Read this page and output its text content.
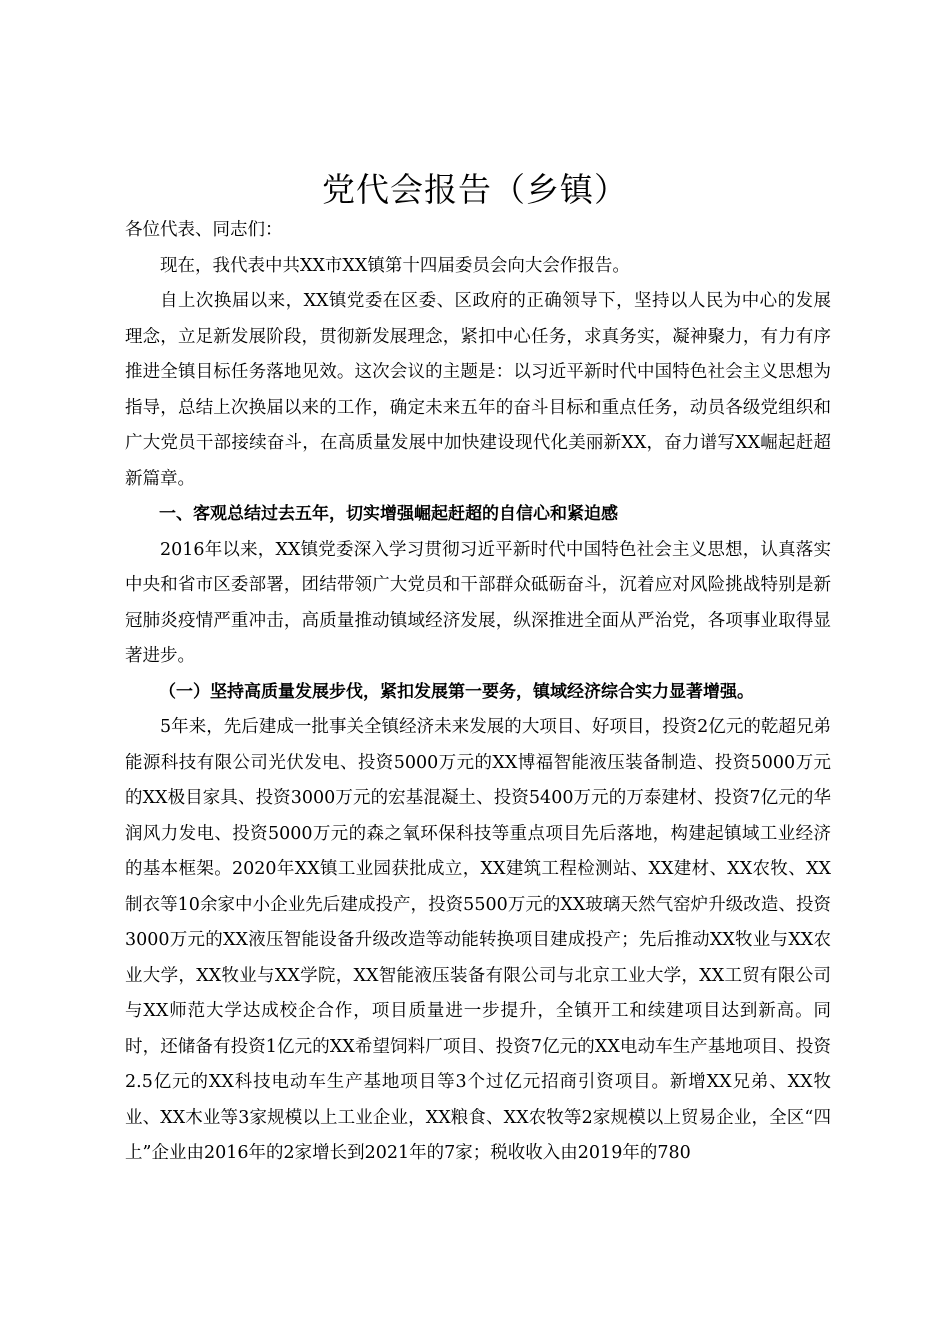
党代会报告（乡镇）

各位代表、同志们：

现在，我代表中共XX市XX镇第十四届委员会向大会作报告。

自上次换届以来，XX镇党委在区委、区政府的正确领导下，坚持以人民为中心的发展理念，立足新发展阶段，贯彻新发展理念，紧扣中心任务，求真务实，凝神聚力，有力有序推进全镇目标任务落地见效。这次会议的主题是：以习近平新时代中国特色社会主义思想为指导，总结上次换届以来的工作，确定未来五年的奋斗目标和重点任务，动员各级党组织和广大党员干部接续奋斗，在高质量发展中加快建设现代化美丽新XX，奋力谱写XX崛起赶超新篇章。

一、客观总结过去五年，切实增强崛起赶超的自信心和紧迫感

2016年以来，XX镇党委深入学习贯彻习近平新时代中国特色社会主义思想，认真落实中央和省市区委部署，团结带领广大党员和干部群众砥砺奋斗，沉着应对风险挑战特别是新冠肺炎疫情严重冲击，高质量推动镇域经济发展，纵深推进全面从严治党，各项事业取得显著进步。

（一）坚持高质量发展步伐，紧扣发展第一要务，镇域经济综合实力显著增强。

5年来，先后建成一批事关全镇经济未来发展的大项目、好项目，投资2亿元的乾超兄弟能源科技有限公司光伏发电、投资5000万元的XX博福智能液压装备制造、投资5000万元的XX极目家具、投资3000万元的宏基混凝土、投资5400万元的万泰建材、投资7亿元的华润风力发电、投资5000万元的森之氧环保科技等重点项目先后落地，构建起镇域工业经济的基本框架。2020年XX镇工业园获批成立，XX建筑工程检测站、XX建材、XX农牧、XX制衣等10余家中小企业先后建成投产，投资5500万元的XX玻璃天然气窑炉升级改造、投资3000万元的XX液压智能设备升级改造等动能转换项目建成投产；先后推动XX牧业与XX农业大学，XX牧业与XX学院，XX智能液压装备有限公司与北京工业大学，XX工贸有限公司与XX师范大学达成校企合作，项目质量进一步提升，全镇开工和续建项目达到新高。同时，还储备有投资1亿元的XX希望饲料厂项目、投资7亿元的XX电动车生产基地项目、投资2.5亿元的XX科技电动车生产基地项目等3个过亿元招商引资项目。新增XX兄弟、XX牧业、XX木业等3家规模以上工业企业，XX粮食、XX农牧等2家规模以上贸易企业，全区“四上”企业由2016年的2家增长到2021年的7家；税收收入由2019年的780
